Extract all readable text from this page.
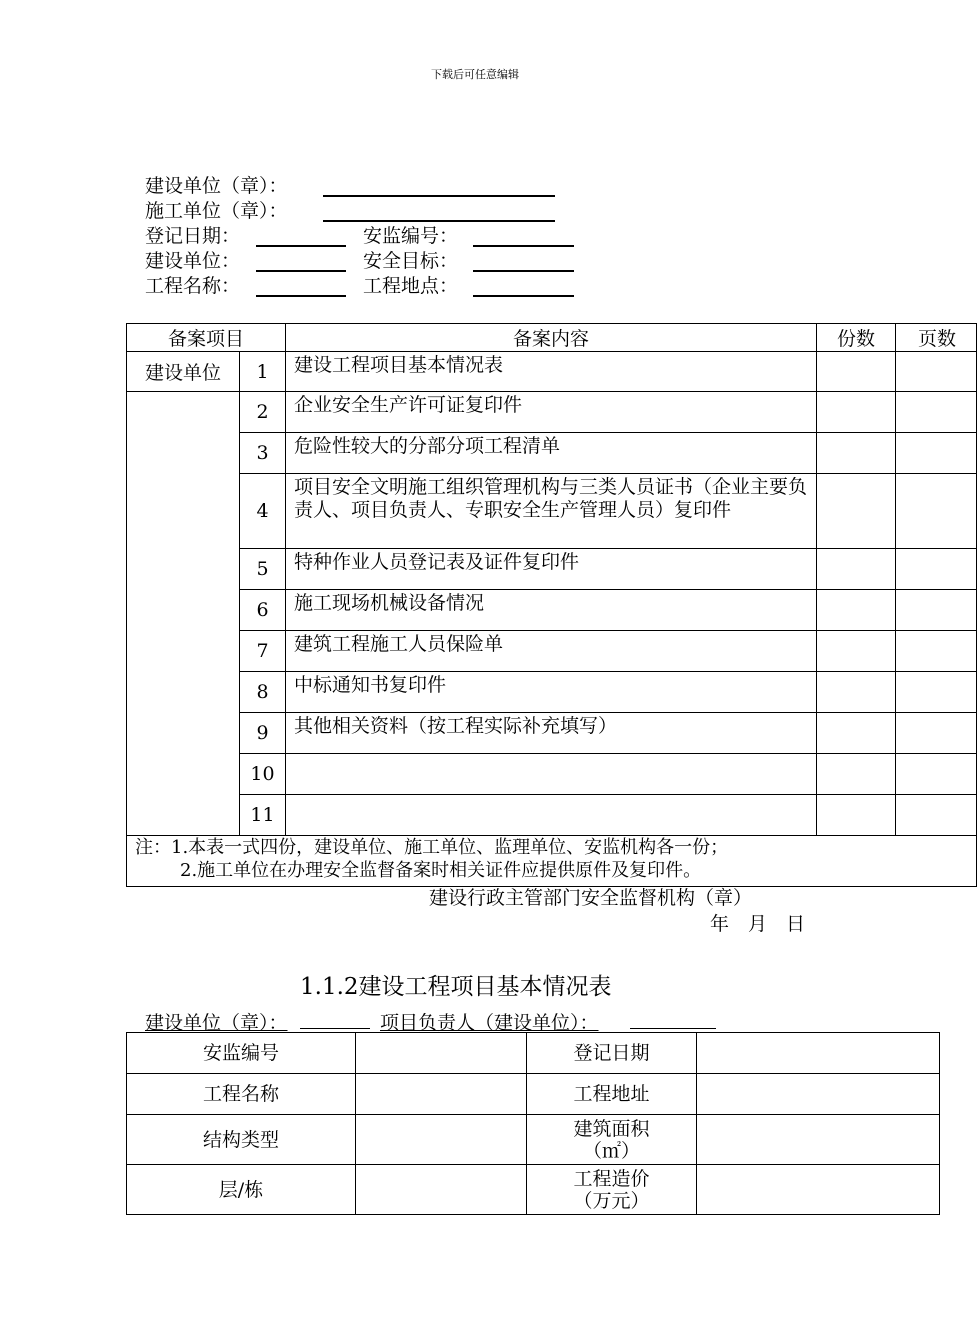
下载后可任意编辑
建设单位（章）：
施工单位（章）：
登记日期：	安监编号：
建设单位：	安全目标：
工程名称：	工程地点：
备案项目		备案内容	份数	页数
建设单位	1	建设工程项目基本情况表		
	2	企业安全生产许可证复印件		
	3	危险性较大的分部分项工程清单		
	4	项目安全文明施工组织管理机构与三类人员证书（企业主要负责人、项目负责人、专职安全生产管理人员）复印件		
	5	特种作业人员登记表及证件复印件		
	6	施工现场机械设备情况		
	7	建筑工程施工人员保险单		
	8	中标通知书复印件		
	9	其他相关资料（按工程实际补充填写）		
	10			
	11			

注：1.本表一式四份，建设单位、施工单位、监理单位、安监机构各一份；
2.施工单位在办理安全监督备案时相关证件应提供原件及复印件。				
建设行政主管部门安全监督机构（章）
年　月　日
1.1.2建设工程项目基本情况表
建设单位（章）：	项目负责人（建设单位）：
安监编号		登记日期	
工程名称		工程地址	
结构类型		建筑面积
（㎡）	

层/栋		工程造价
（万元）	
